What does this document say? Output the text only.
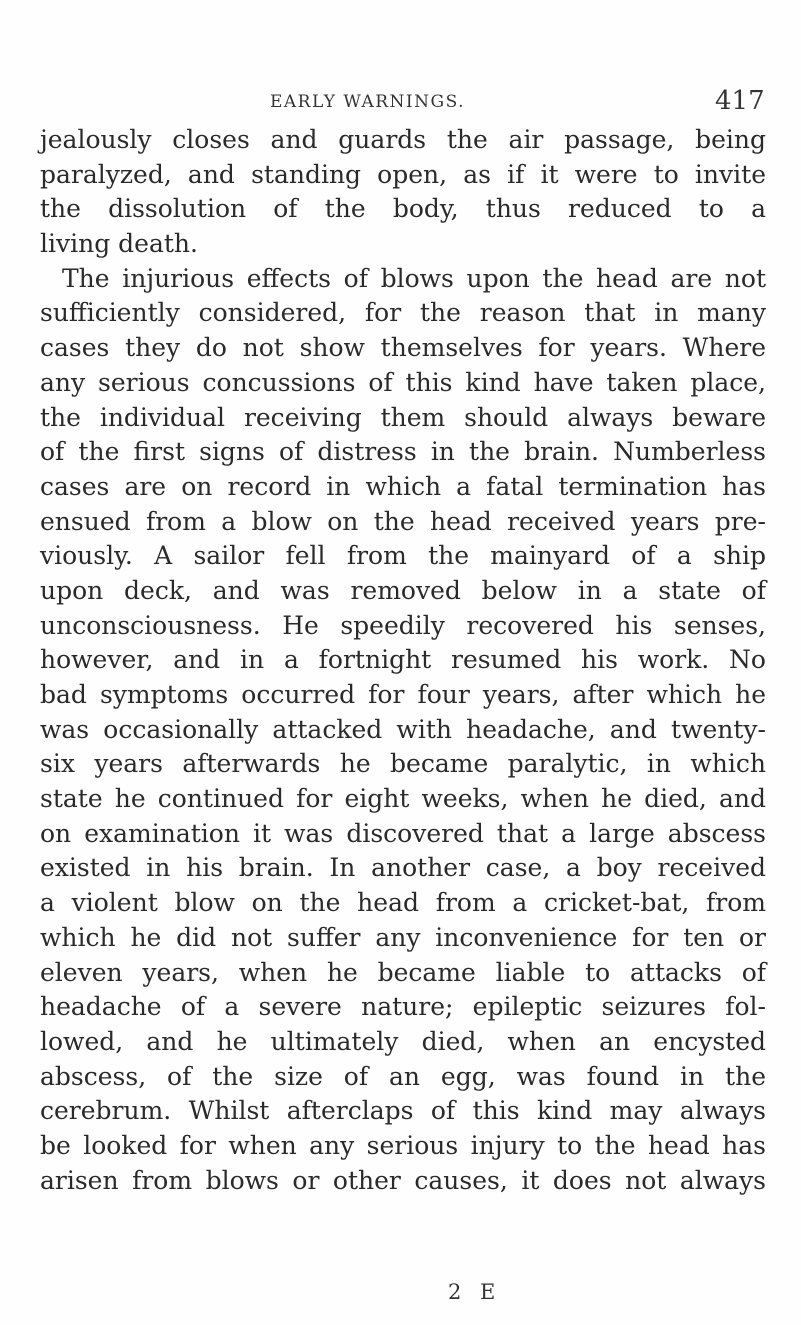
EARLY WARNINGS.	417
jealously closes and guards the air passage, being
paralyzed, and standing open, as if it were to invite
the dissolution of the body, thus reduced to a
living death.
The injurious effects of blows upon the head are not
sufficiently considered, for the reason that in many
cases they do not show themselves for years. Where
any serious concussions of this kind have taken place,
the individual receiving them should always beware
of the first signs of distress in the brain. Numberless
cases are on record in which a fatal termination has
ensued from a blow on the head received years pre-
viously. A sailor fell from the mainyard of a ship
upon deck, and was removed below in a state of
unconsciousness. He speedily recovered his senses,
however, and in a fortnight resumed his work. No
bad symptoms occurred for four years, after which he
was occasionally attacked with headache, and twenty-
six years afterwards he became paralytic, in which
state he continued for eight weeks, when he died, and
on examination it was discovered that a large abscess
existed in his brain. In another case, a boy received
a violent blow on the head from a cricket-bat, from
which he did not suffer any inconvenience for ten or
eleven years, when he became liable to attacks of
headache of a severe nature; epileptic seizures fol-
lowed, and he ultimately died, when an encysted
abscess, of the size of an egg, was found in the
cerebrum. Whilst afterclaps of this kind may always
be looked for when any serious injury to the head has
arisen from blows or other causes, it does not always
2 E
